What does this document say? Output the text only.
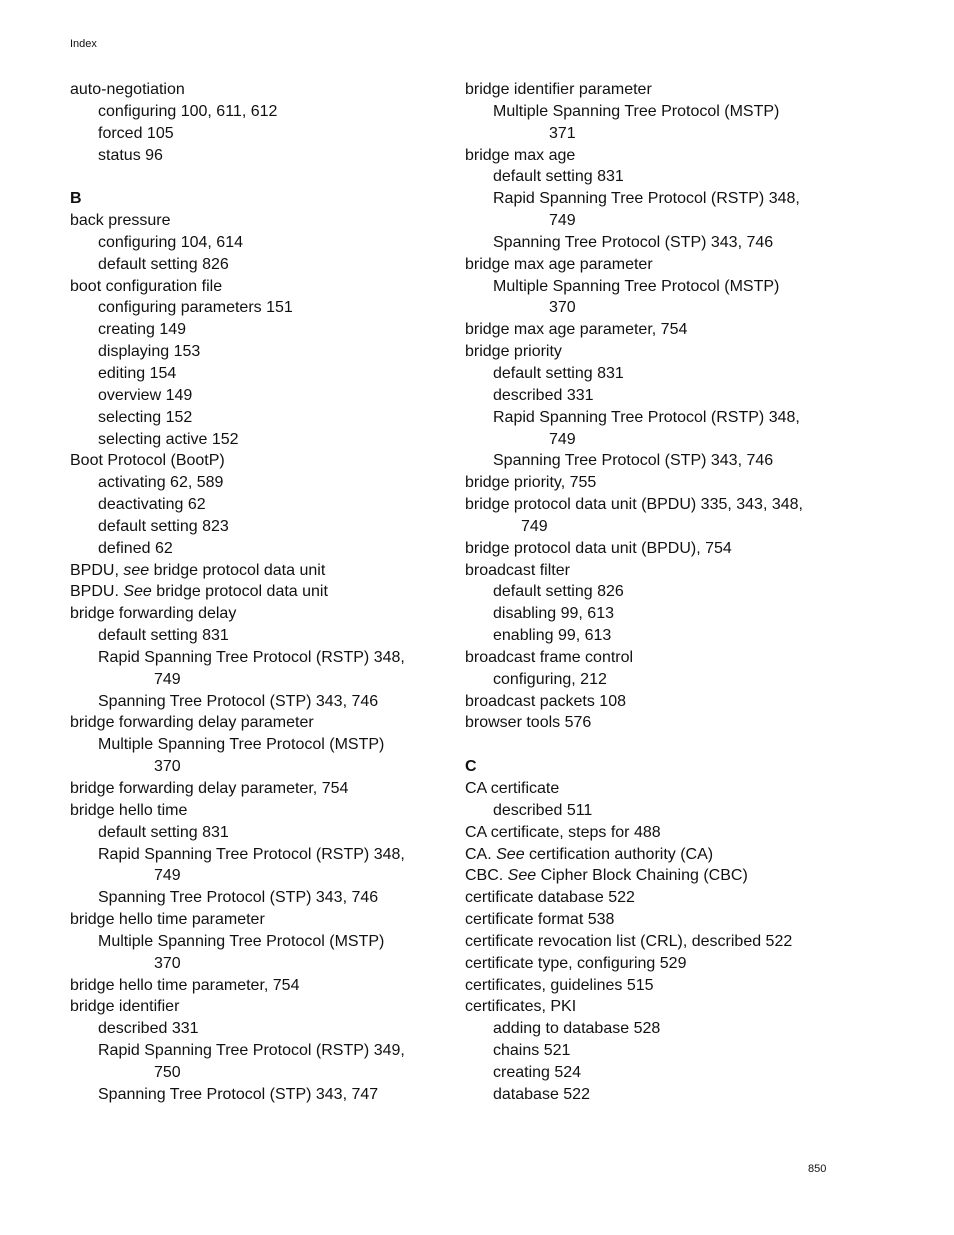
Index
auto-negotiation
configuring 100, 611, 612
forced 105
status 96
B
back pressure
configuring 104, 614
default setting 826
boot configuration file
configuring parameters 151
creating 149
displaying 153
editing 154
overview 149
selecting 152
selecting active 152
Boot Protocol (BootP)
activating 62, 589
deactivating 62
default setting 823
defined 62
BPDU, see bridge protocol data unit
BPDU. See bridge protocol data unit
bridge forwarding delay
default setting 831
Rapid Spanning Tree Protocol (RSTP) 348,
749
Spanning Tree Protocol (STP) 343, 746
bridge forwarding delay parameter
Multiple Spanning Tree Protocol (MSTP)
370
bridge forwarding delay parameter, 754
bridge hello time
default setting 831
Rapid Spanning Tree Protocol (RSTP) 348,
749
Spanning Tree Protocol (STP) 343, 746
bridge hello time parameter
Multiple Spanning Tree Protocol (MSTP)
370
bridge hello time parameter, 754
bridge identifier
described 331
Rapid Spanning Tree Protocol (RSTP) 349,
750
Spanning Tree Protocol (STP) 343, 747
bridge identifier parameter
Multiple Spanning Tree Protocol (MSTP)
371
bridge max age
default setting 831
Rapid Spanning Tree Protocol (RSTP) 348,
749
Spanning Tree Protocol (STP) 343, 746
bridge max age parameter
Multiple Spanning Tree Protocol (MSTP)
370
bridge max age parameter, 754
bridge priority
default setting 831
described 331
Rapid Spanning Tree Protocol (RSTP) 348,
749
Spanning Tree Protocol (STP) 343, 746
bridge priority, 755
bridge protocol data unit (BPDU) 335, 343, 348,
749
bridge protocol data unit (BPDU), 754
broadcast filter
default setting 826
disabling 99, 613
enabling 99, 613
broadcast frame control
configuring, 212
broadcast packets 108
browser tools 576
C
CA certificate
described 511
CA certificate, steps for 488
CA. See certification authority (CA)
CBC. See Cipher Block Chaining (CBC)
certificate database 522
certificate format 538
certificate revocation list (CRL), described 522
certificate type, configuring 529
certificates, guidelines 515
certificates, PKI
adding to database 528
chains 521
creating 524
database 522
850
